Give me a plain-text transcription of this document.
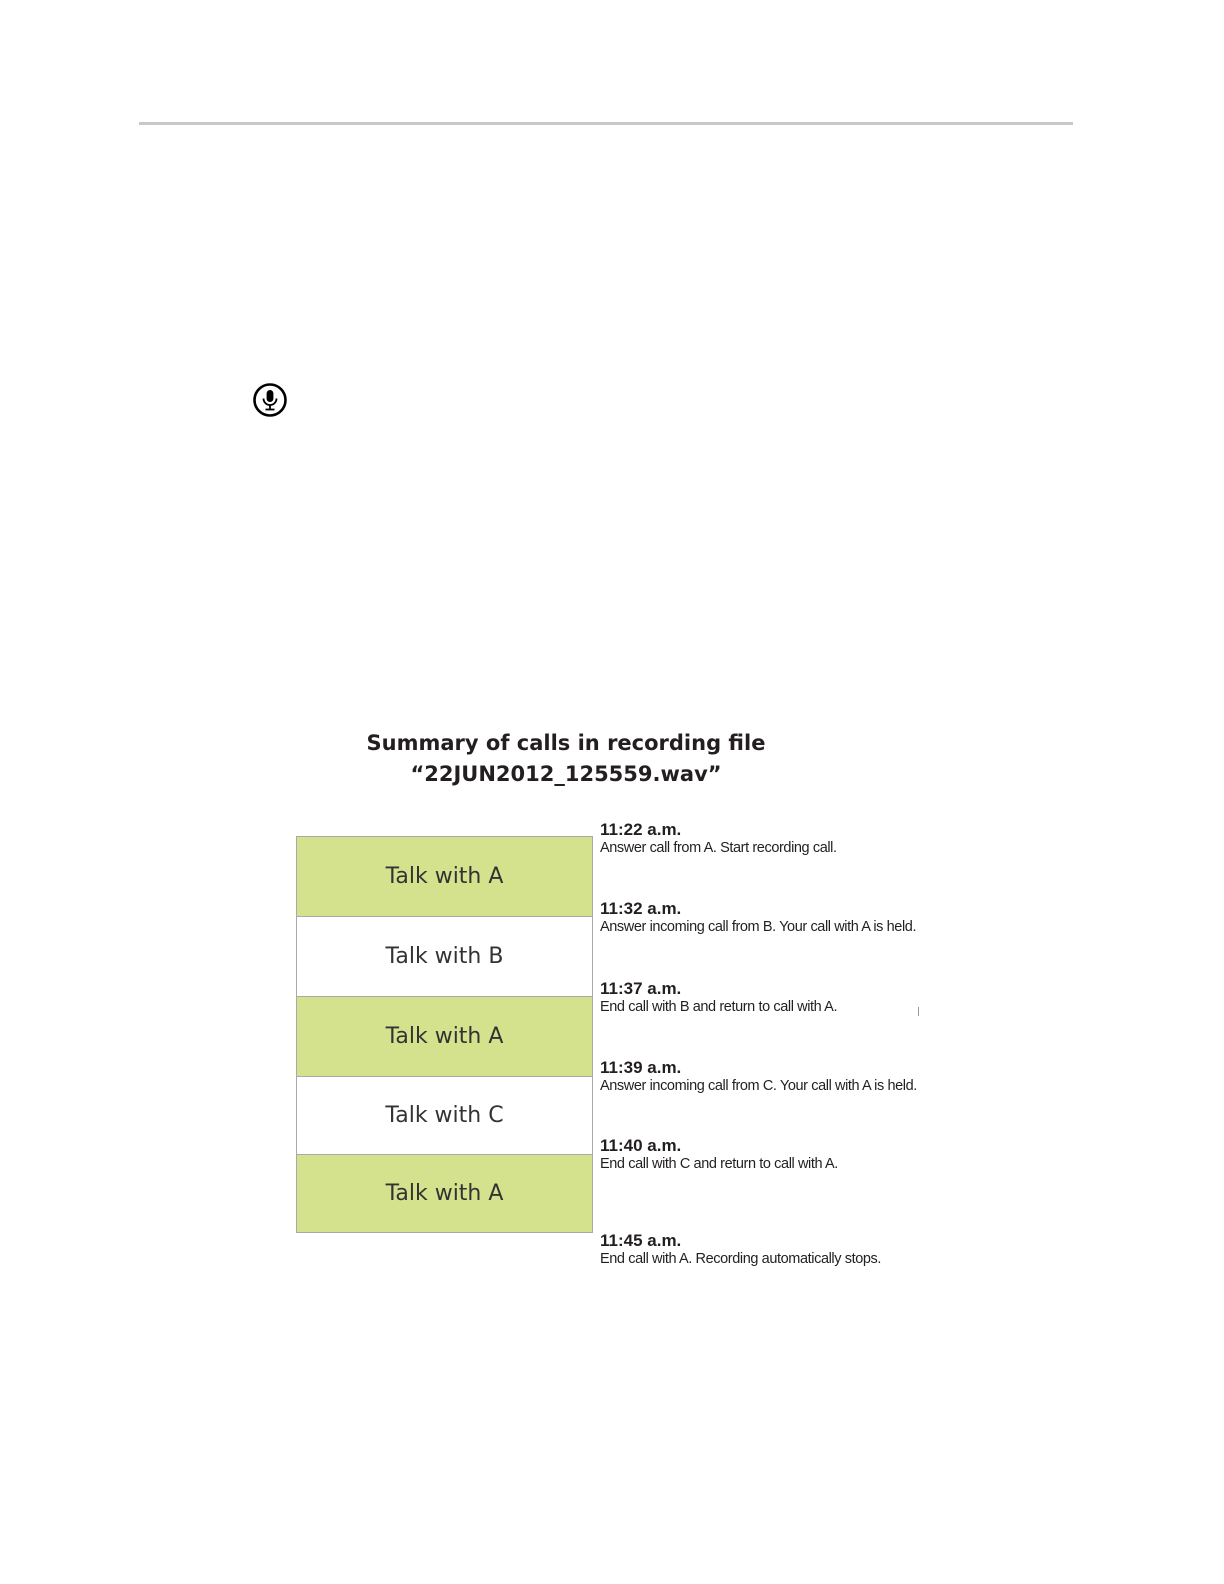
Summary of calls in recording file
“22JUN2012_125559.wav”
Talk with A
Talk with B
Talk with A
Talk with C
Talk with A
11:22 a.m.
Answer call from A. Start recording call.
11:32 a.m.
Answer incoming call from B. Your call with A is held.
11:37 a.m.
End call with B and return to call with A.
11:39 a.m.
Answer incoming call from C. Your call with A is held.
11:40 a.m.
End call with C and return to call with A.
11:45 a.m.
End call with A. Recording automatically stops.
